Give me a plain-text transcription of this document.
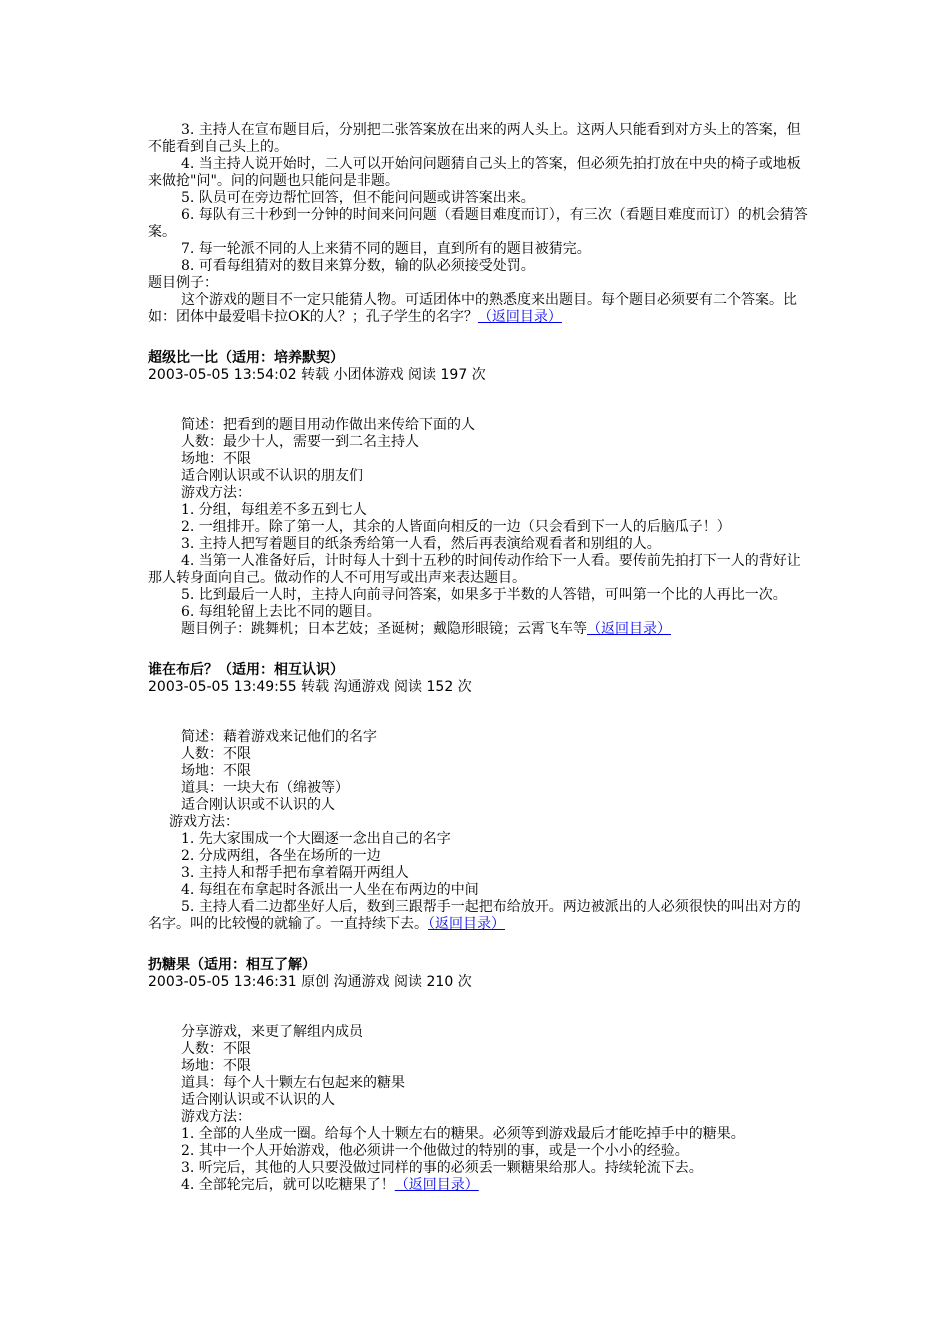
3. 主持人在宣布题目后，分别把二张答案放在出来的两人头上。这两人只能看到对方头上的答案，但不能看到自己头上的。

4. 当主持人说开始时，二人可以开始问问题猜自己头上的答案，但必须先拍打放在中央的椅子或地板来做抢"问"。问的问题也只能问是非题。

5. 队员可在旁边帮忙回答，但不能问问题或讲答案出来。

6. 每队有三十秒到一分钟的时间来问问题（看题目难度而订），有三次（看题目难度而订）的机会猜答案。

7. 每一轮派不同的人上来猜不同的题目，直到所有的题目被猜完。

8. 可看每组猜对的数目来算分数，输的队必须接受处罚。

题目例子：

这个游戏的题目不一定只能猜人物。可适团体中的熟悉度来出题目。每个题目必须要有二个答案。比如：团体中最爱唱卡拉OK的人？；孔子学生的名字？（返回目录）

超级比一比（适用：培养默契）
2003-05-05 13:54:02 转载 小团体游戏 阅读 197 次

简述：把看到的题目用动作做出来传给下面的人

人数：最少十人，需要一到二名主持人

场地：不限

适合刚认识或不认识的朋友们

游戏方法：

1. 分组，每组差不多五到七人

2. 一组排开。除了第一人，其余的人皆面向相反的一边（只会看到下一人的后脑瓜子！）

3. 主持人把写着题目的纸条秀给第一人看，然后再表演给观看者和别组的人。

4. 当第一人准备好后，计时每人十到十五秒的时间传动作给下一人看。要传前先拍打下一人的背好让那人转身面向自己。做动作的人不可用写或出声来表达题目。

5. 比到最后一人时，主持人向前寻问答案，如果多于半数的人答错，可叫第一个比的人再比一次。

6. 每组轮留上去比不同的题目。

题目例子：跳舞机；日本艺妓；圣诞树；戴隐形眼镜；云霄飞车等（返回目录）

谁在布后？（适用：相互认识）
2003-05-05 13:49:55 转载 沟通游戏 阅读 152 次

简述：藉着游戏来记他们的名字

人数：不限

场地：不限

道具：一块大布（绵被等）

适合刚认识或不认识的人

游戏方法：

1. 先大家围成一个大圈逐一念出自己的名字

2. 分成两组，各坐在场所的一边

3. 主持人和帮手把布拿着隔开两组人

4. 每组在布拿起时各派出一人坐在布两边的中间

5. 主持人看二边都坐好人后，数到三跟帮手一起把布给放开。两边被派出的人必须很快的叫出对方的名字。叫的比较慢的就输了。一直持续下去。（返回目录）

扔糖果（适用：相互了解）
2003-05-05 13:46:31 原创 沟通游戏 阅读 210 次

分享游戏，来更了解组内成员

人数：不限

场地：不限

道具：每个人十颗左右包起来的糖果

适合刚认识或不认识的人

游戏方法：

1. 全部的人坐成一圈。给每个人十颗左右的糖果。必须等到游戏最后才能吃掉手中的糖果。

2. 其中一个人开始游戏，他必须讲一个他做过的特别的事，或是一个小小的经验。

3. 听完后，其他的人只要没做过同样的事的必须丢一颗糖果给那人。持续轮流下去。

4. 全部轮完后，就可以吃糖果了！（返回目录）
